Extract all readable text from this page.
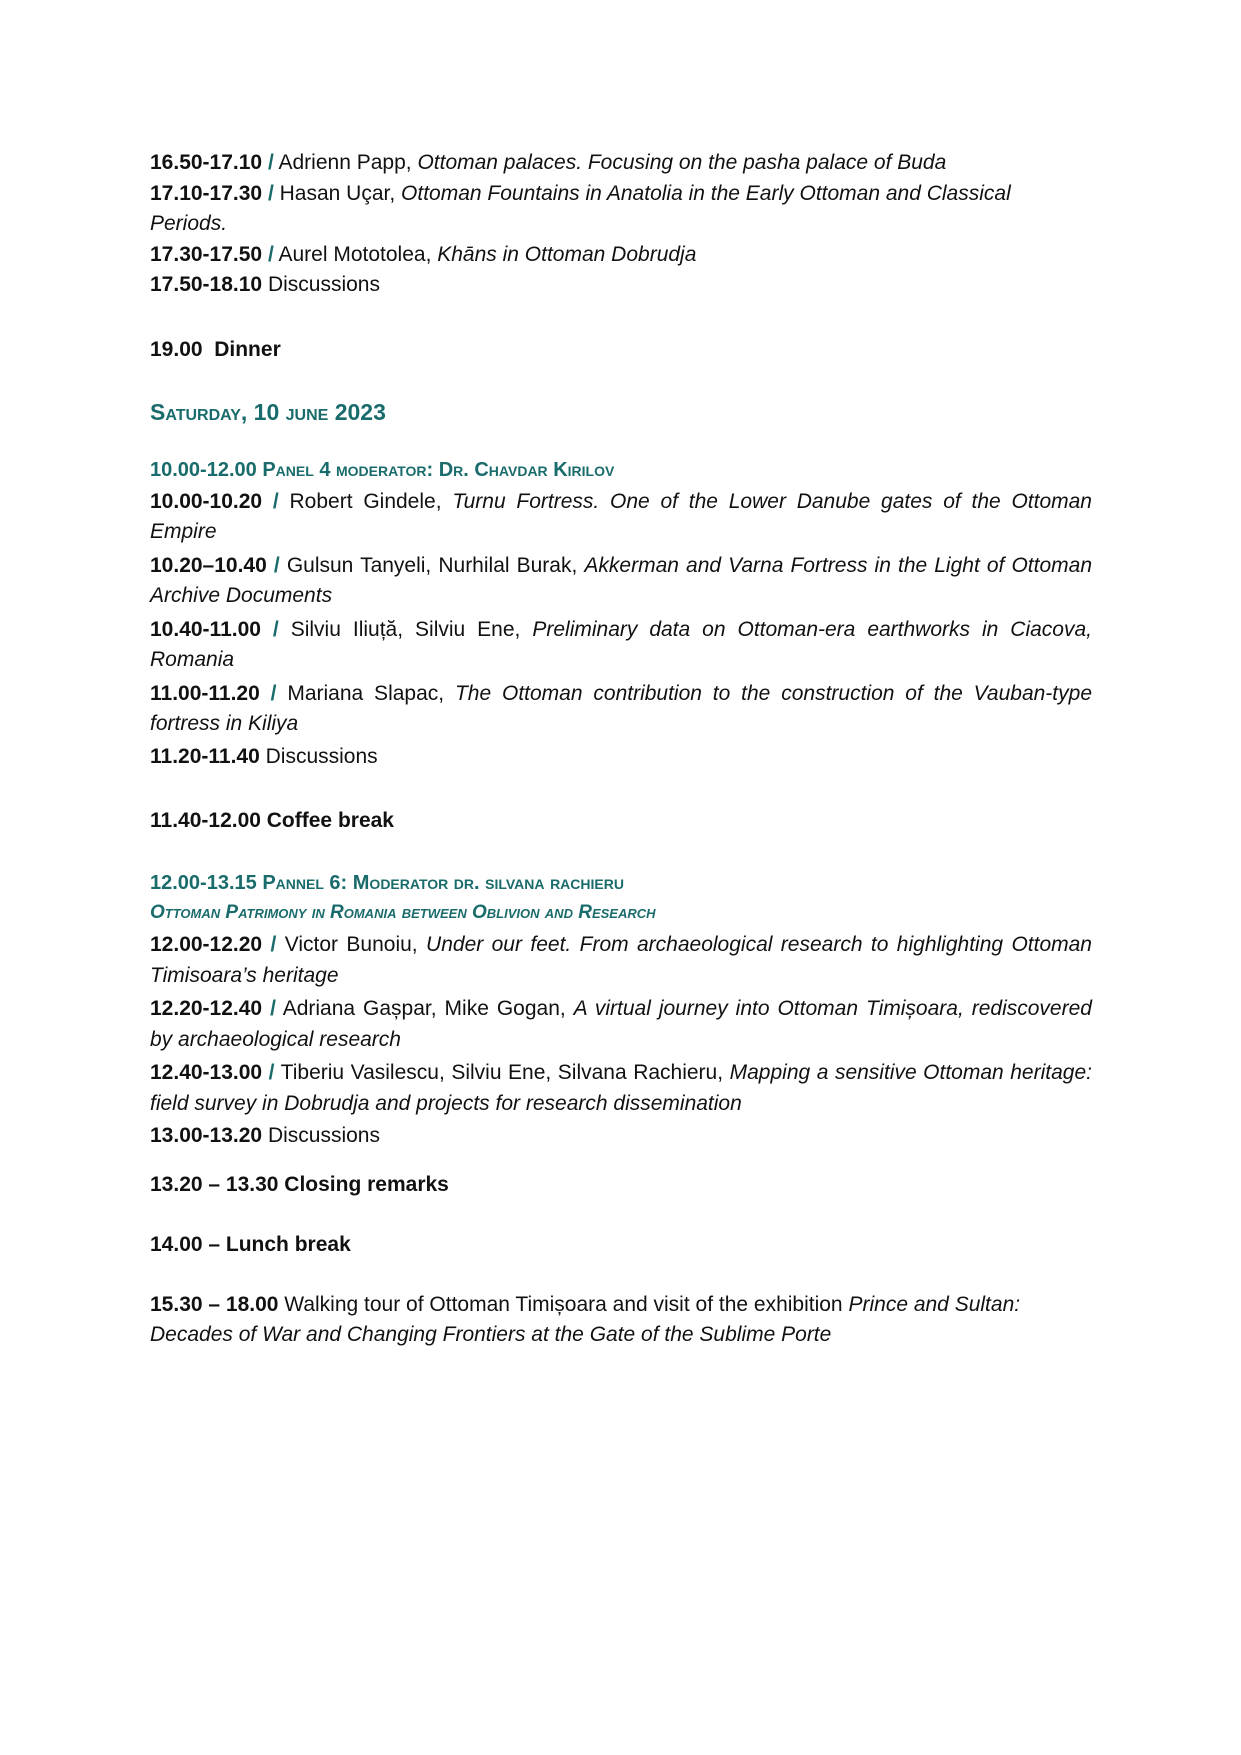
16.50-17.10 / Adrienn Papp, Ottoman palaces. Focusing on the pasha palace of Buda

17.10-17.30 / Hasan Uçar, Ottoman Fountains in Anatolia in the Early Ottoman and Classical Periods.

17.30-17.50 / Aurel Mototolea, Khāns in Ottoman Dobrudja

17.50-18.10 Discussions

19.00 Dinner

Saturday, 10 june 2023

10.00-12.00 Panel 4 moderator: Dr. Chavdar Kirilov

10.00-10.20 / Robert Gindele, Turnu Fortress. One of the Lower Danube gates of the Ottoman Empire

10.20–10.40 / Gulsun Tanyeli, Nurhilal Burak, Akkerman and Varna Fortress in the Light of Ottoman Archive Documents

10.40-11.00 / Silviu Iliuță, Silviu Ene, Preliminary data on Ottoman-era earthworks in Ciacova, Romania

11.00-11.20 / Mariana Slapac, The Ottoman contribution to the construction of the Vauban-type fortress in Kiliya

11.20-11.40 Discussions

11.40-12.00 Coffee break

12.00-13.15 Pannel 6: Moderator dr. silvana rachieru

Ottoman Patrimony in Romania between Oblivion and Research

12.00-12.20 / Victor Bunoiu, Under our feet. From archaeological research to highlighting Ottoman Timisoara’s heritage

12.20-12.40 / Adriana Gașpar, Mike Gogan, A virtual journey into Ottoman Timișoara, rediscovered by archaeological research

12.40-13.00 / Tiberiu Vasilescu, Silviu Ene, Silvana Rachieru, Mapping a sensitive Ottoman heritage: field survey in Dobrudja and projects for research dissemination

13.00-13.20 Discussions

13.20 – 13.30 Closing remarks

14.00 – Lunch break

15.30 – 18.00 Walking tour of Ottoman Timișoara and visit of the exhibition Prince and Sultan: Decades of War and Changing Frontiers at the Gate of the Sublime Porte
